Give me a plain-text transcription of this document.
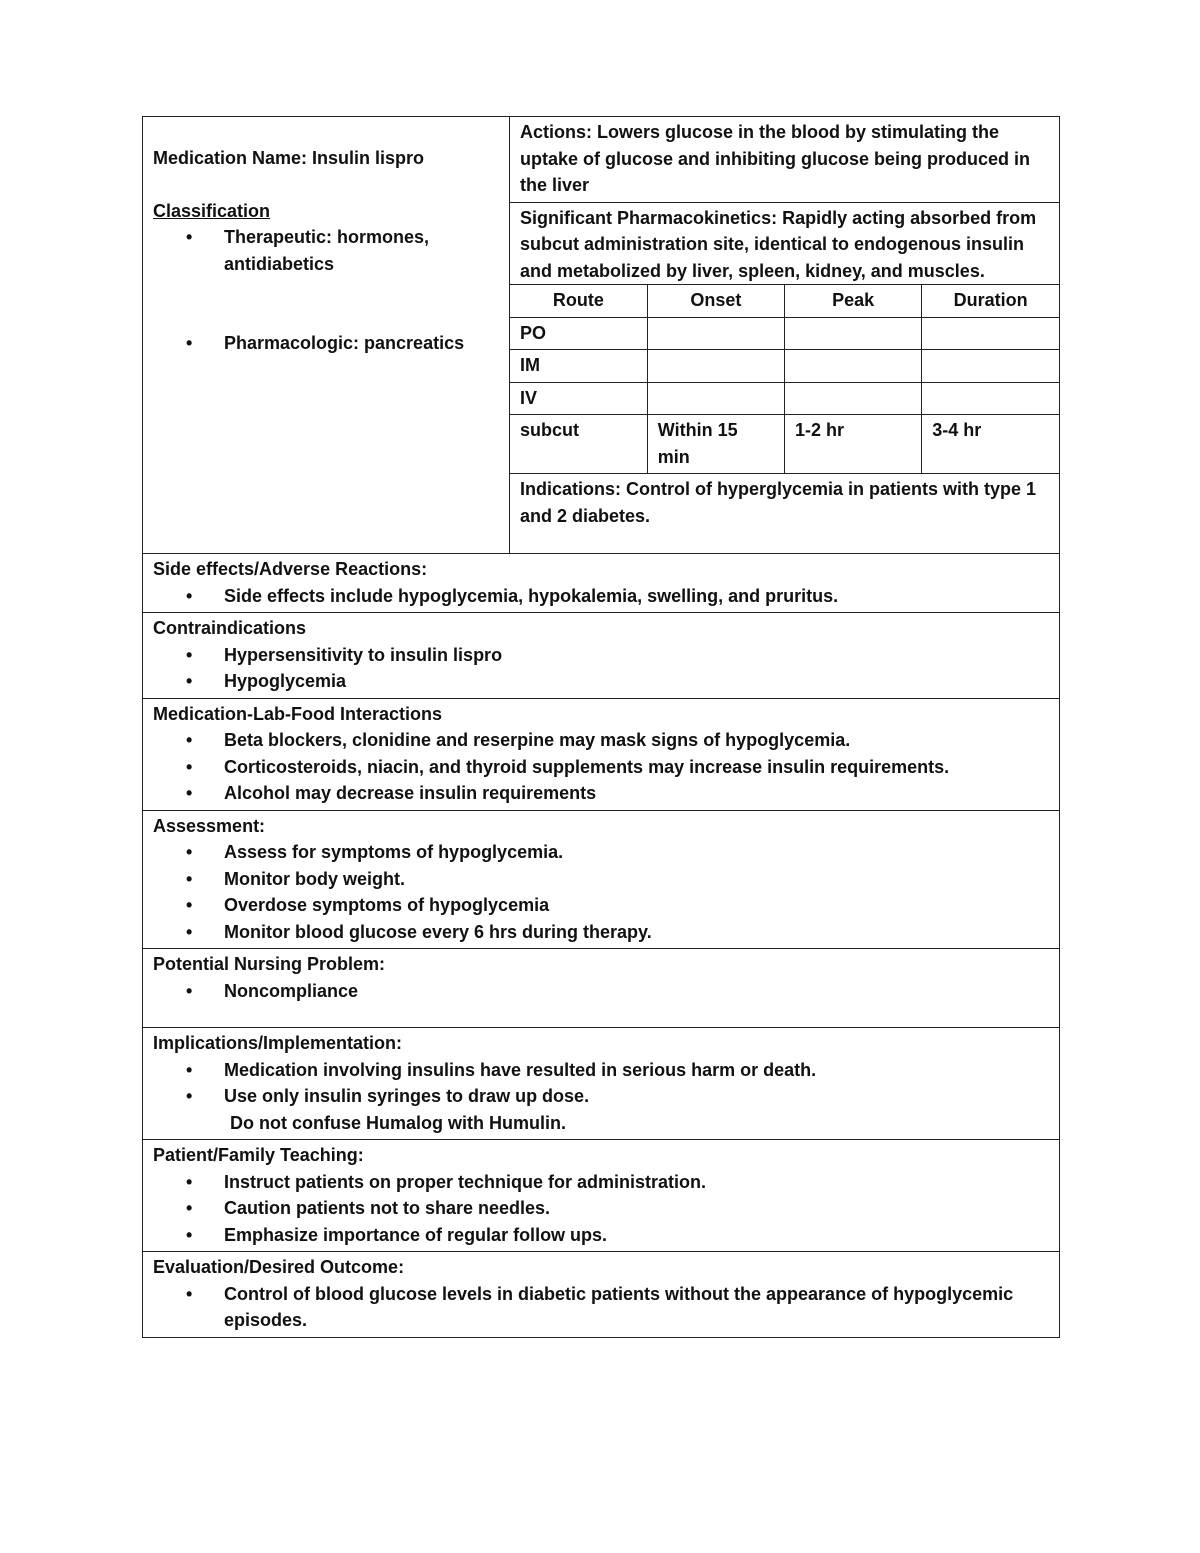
Medication Name: Insulin lispro
Classification
• Therapeutic: hormones, antidiabetics
• Pharmacologic: pancreatics

Actions: Lowers glucose in the blood by stimulating the uptake of glucose and inhibiting glucose being produced in the liver

Significant Pharmacokinetics: Rapidly acting absorbed from subcut administration site, identical to endogenous insulin and metabolized by liver, spleen, kidney, and muscles.
Route	Onset	Peak	Duration
PO			
IM			
IV			
subcut	Within 15 min	1-2 hr	3-4 hr

Indications: Control of hyperglycemia in patients with type 1 and 2 diabetes.

Side effects/Adverse Reactions:
• Side effects include hypoglycemia, hypokalemia, swelling, and pruritus.

Contraindications
• Hypersensitivity to insulin lispro
• Hypoglycemia

Medication-Lab-Food Interactions
• Beta blockers, clonidine and reserpine may mask signs of hypoglycemia.
• Corticosteroids, niacin, and thyroid supplements may increase insulin requirements.
• Alcohol may decrease insulin requirements

Assessment:
• Assess for symptoms of hypoglycemia.
• Monitor body weight.
• Overdose symptoms of hypoglycemia
• Monitor blood glucose every 6 hrs during therapy.

Potential Nursing Problem:
• Noncompliance

Implications/Implementation:
• Medication involving insulins have resulted in serious harm or death.
• Use only insulin syringes to draw up dose.
Do not confuse Humalog with Humulin.

Patient/Family Teaching:
• Instruct patients on proper technique for administration.
• Caution patients not to share needles.
• Emphasize importance of regular follow ups.

Evaluation/Desired Outcome:
• Control of blood glucose levels in diabetic patients without the appearance of hypoglycemic episodes.
